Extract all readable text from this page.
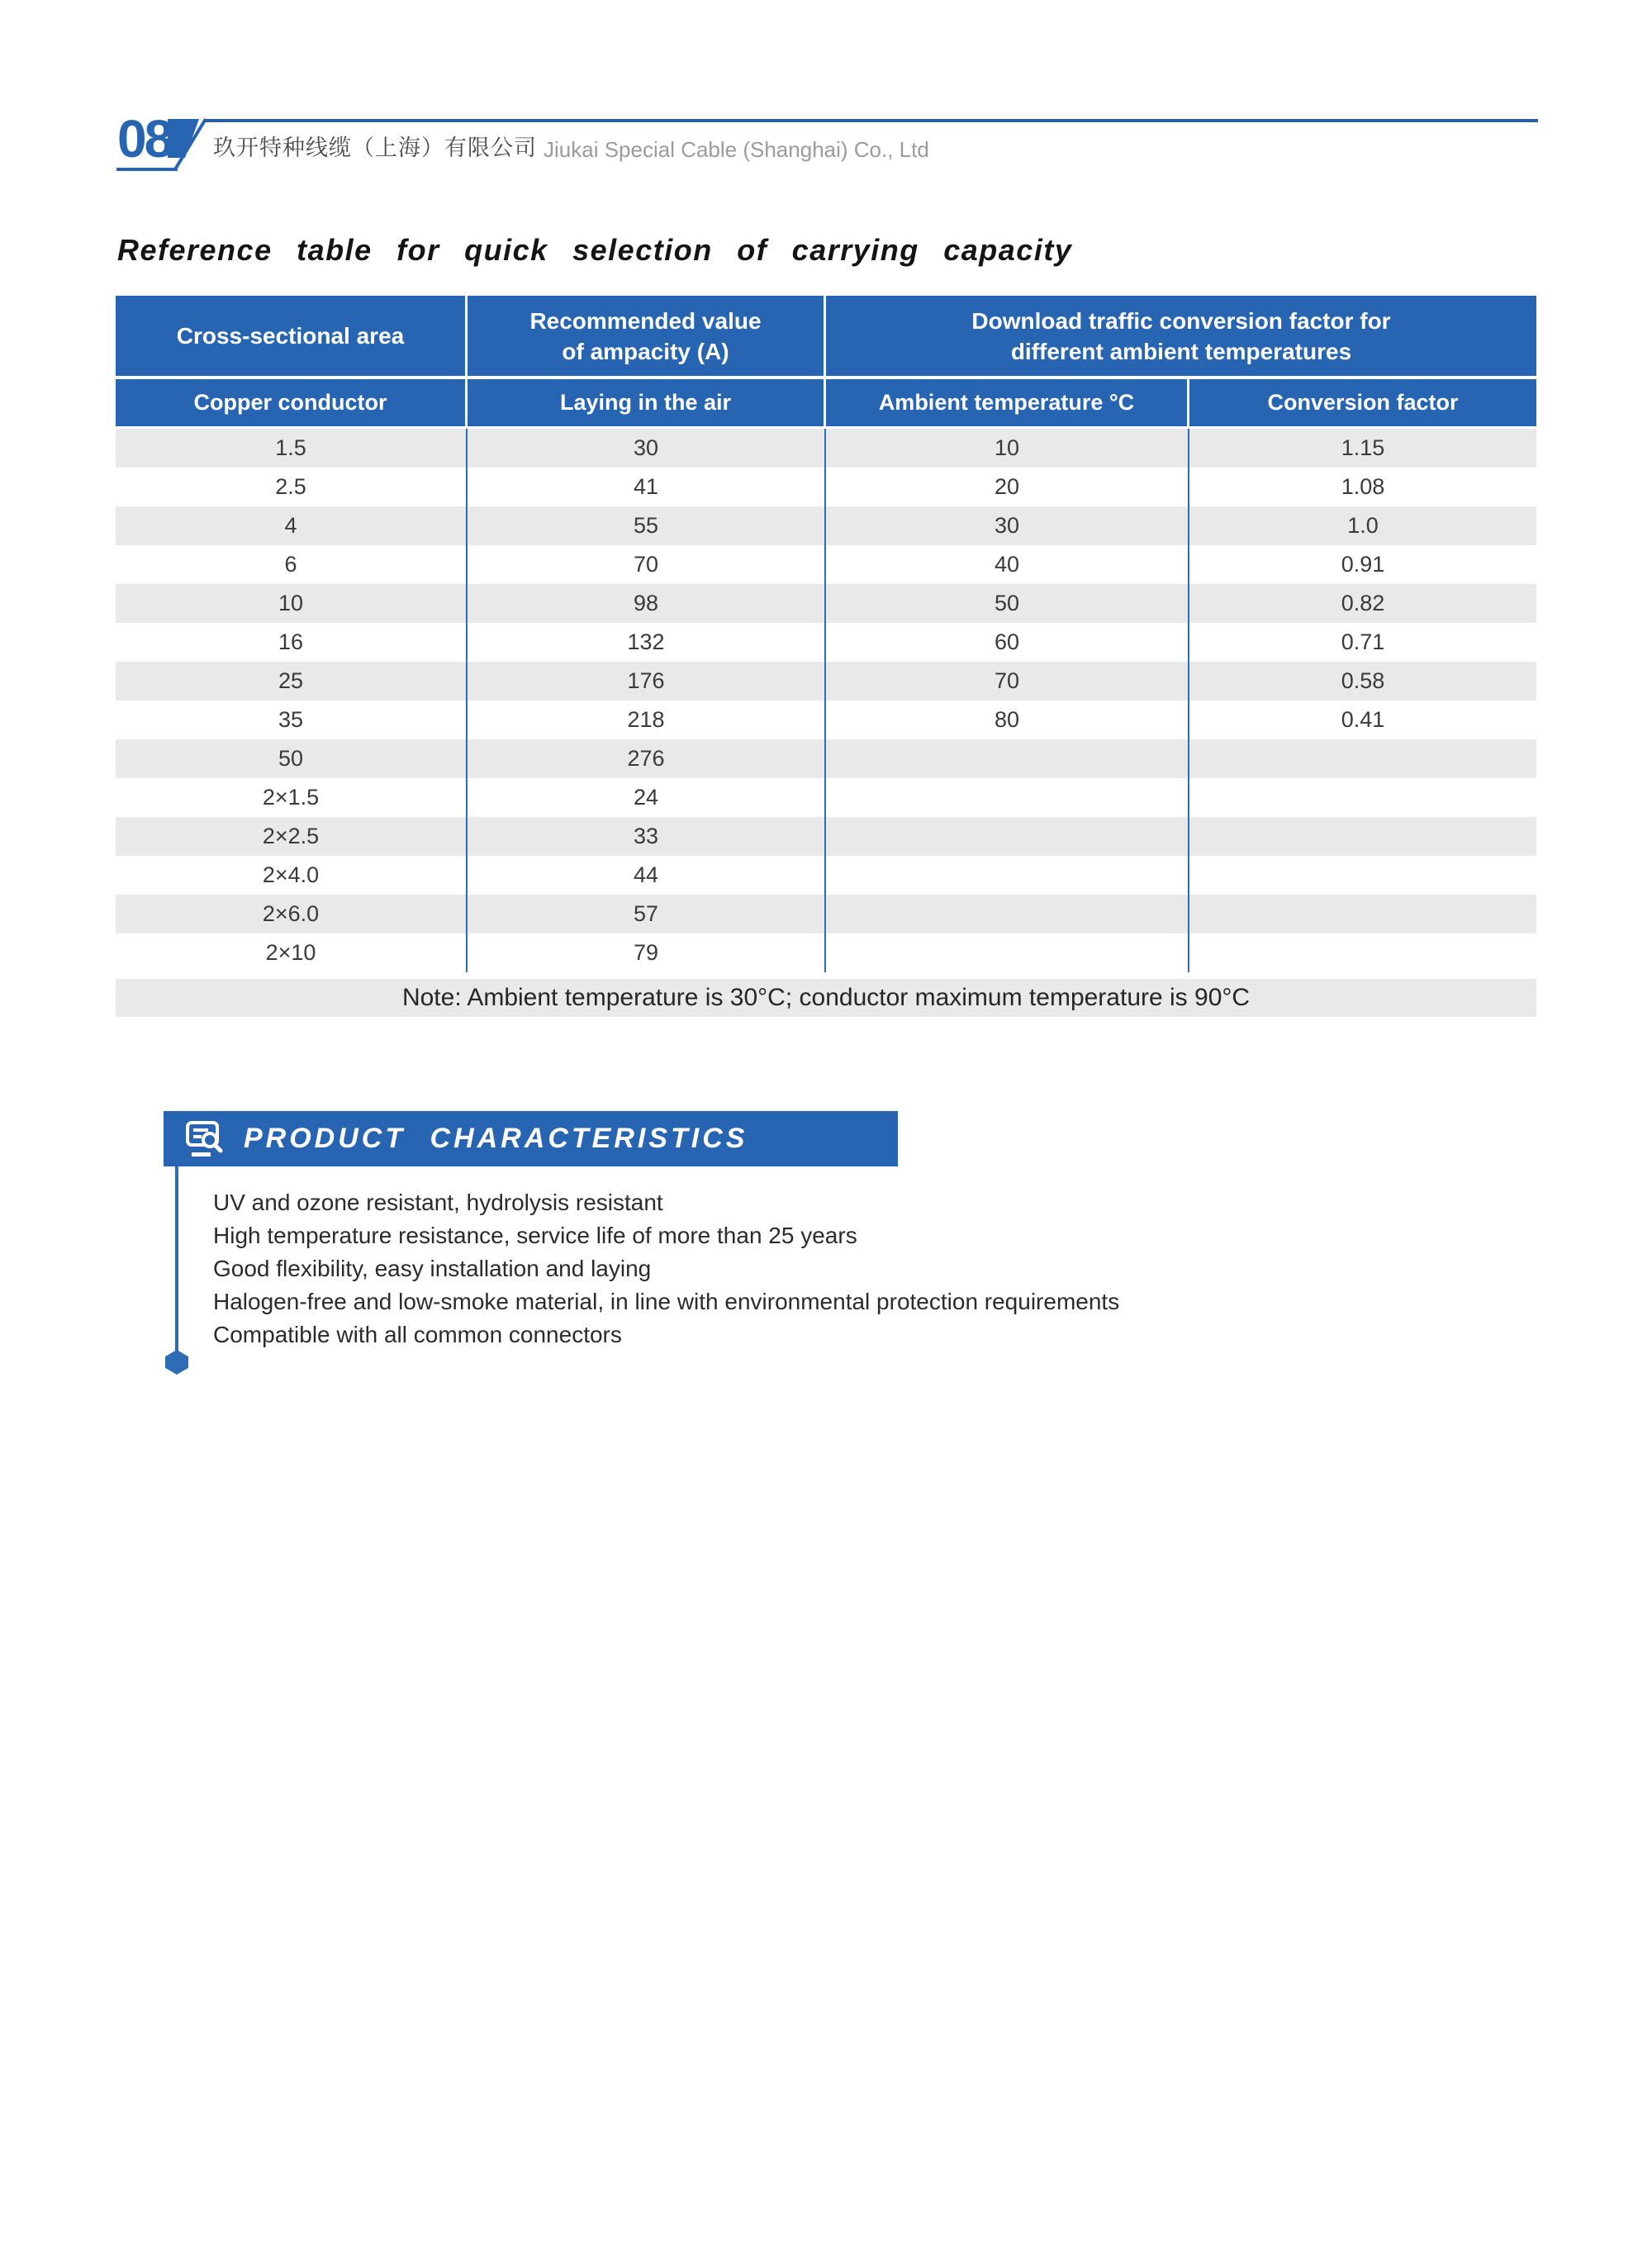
08 玖开特种线缆（上海）有限公司 Jiukai Special Cable (Shanghai) Co., Ltd
Reference table for quick selection of carrying capacity
Cross-sectional area
Recommended value
of ampacity (A)
Download traffic conversion factor for
different ambient temperatures
Copper conductor	Laying in the air	Ambient temperature °C	Conversion factor
1.5	30	10	1.15
2.5	41	20	1.08
4	55	30	1.0
6	70	40	0.91
10	98	50	0.82
16	132	60	0.71
25	176	70	0.58
35	218	80	0.41
50	276
2×1.5	24
2×2.5	33
2×4.0	44
2×6.0	57
2×10	79
Note: Ambient temperature is 30°C; conductor maximum temperature is 90°C
PRODUCT CHARACTERISTICS
UV and ozone resistant, hydrolysis resistant
High temperature resistance, service life of more than 25 years
Good flexibility, easy installation and laying
Halogen-free and low-smoke material, in line with environmental protection requirements
Compatible with all common connectors
